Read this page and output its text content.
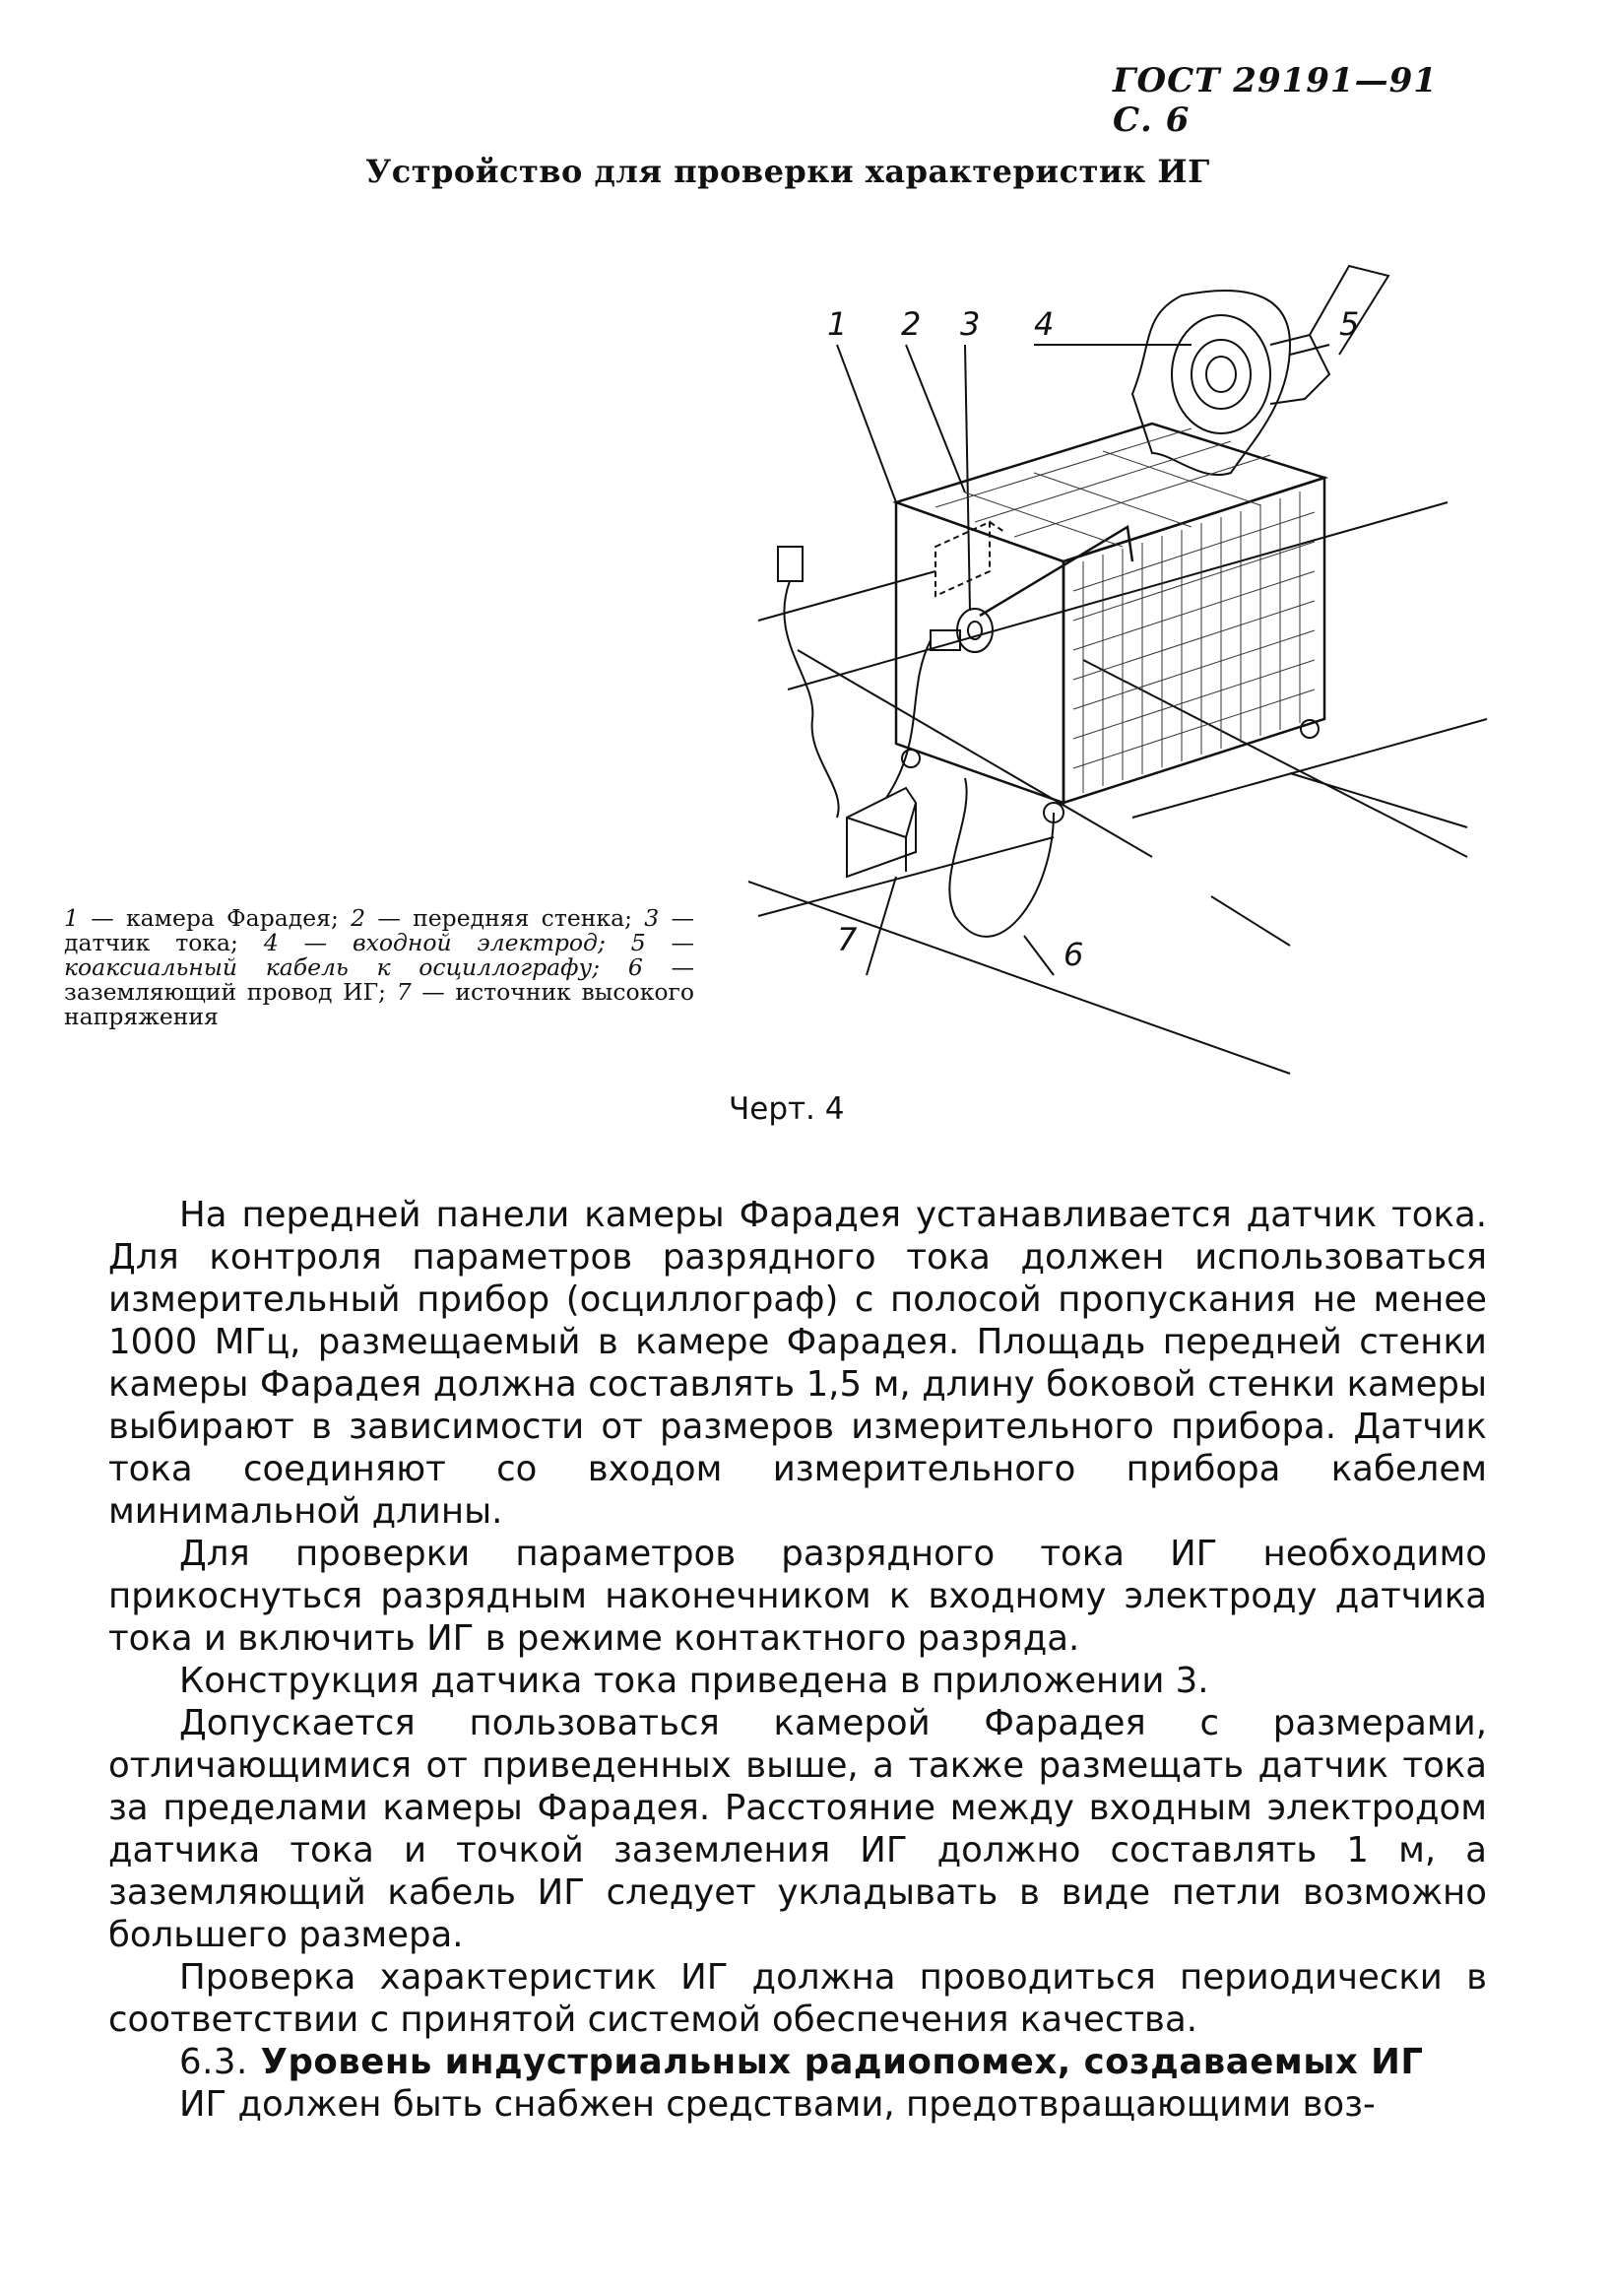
ГОСТ 29191—91 С. 6
Устройство для проверки характеристик ИГ
1 2 3 4	5
7	6
1 — камера Фарадея; 2 — передняя стенка; 3 — датчик тока; 4 — входной электрод; 5 — коаксиальный кабель к осциллографу; 6 — заземляющий провод ИГ; 7 — источник высокого напряжения
Черт. 4

На передней панели камеры Фарадея устанавливается датчик тока. Для контроля параметров разрядного тока должен использоваться измерительный прибор (осциллограф) с полосой пропускания не менее 1000 МГц, размещаемый в камере Фарадея. Площадь передней стенки камеры Фарадея должна составлять 1,5 м, длину боковой стенки камеры выбирают в зависимости от размеров измерительного прибора. Датчик тока соединяют со входом измерительного прибора кабелем минимальной длины.

Для проверки параметров разрядного тока ИГ необходимо прикоснуться разрядным наконечником к входному электроду датчика тока и включить ИГ в режиме контактного разряда.

Конструкция датчика тока приведена в приложении 3.

Допускается пользоваться камерой Фарадея с размерами, отличающимися от приведенных выше, а также размещать датчик тока за пределами камеры Фарадея. Расстояние между входным электродом датчика тока и точкой заземления ИГ должно составлять 1 м, а заземляющий кабель ИГ следует укладывать в виде петли возможно большего размера.

Проверка характеристик ИГ должна проводиться периодически в соответствии с принятой системой обеспечения качества.

6.3. Уровень индустриальных радиопомех, создаваемых ИГ

ИГ должен быть снабжен средствами, предотвращающими воз-
